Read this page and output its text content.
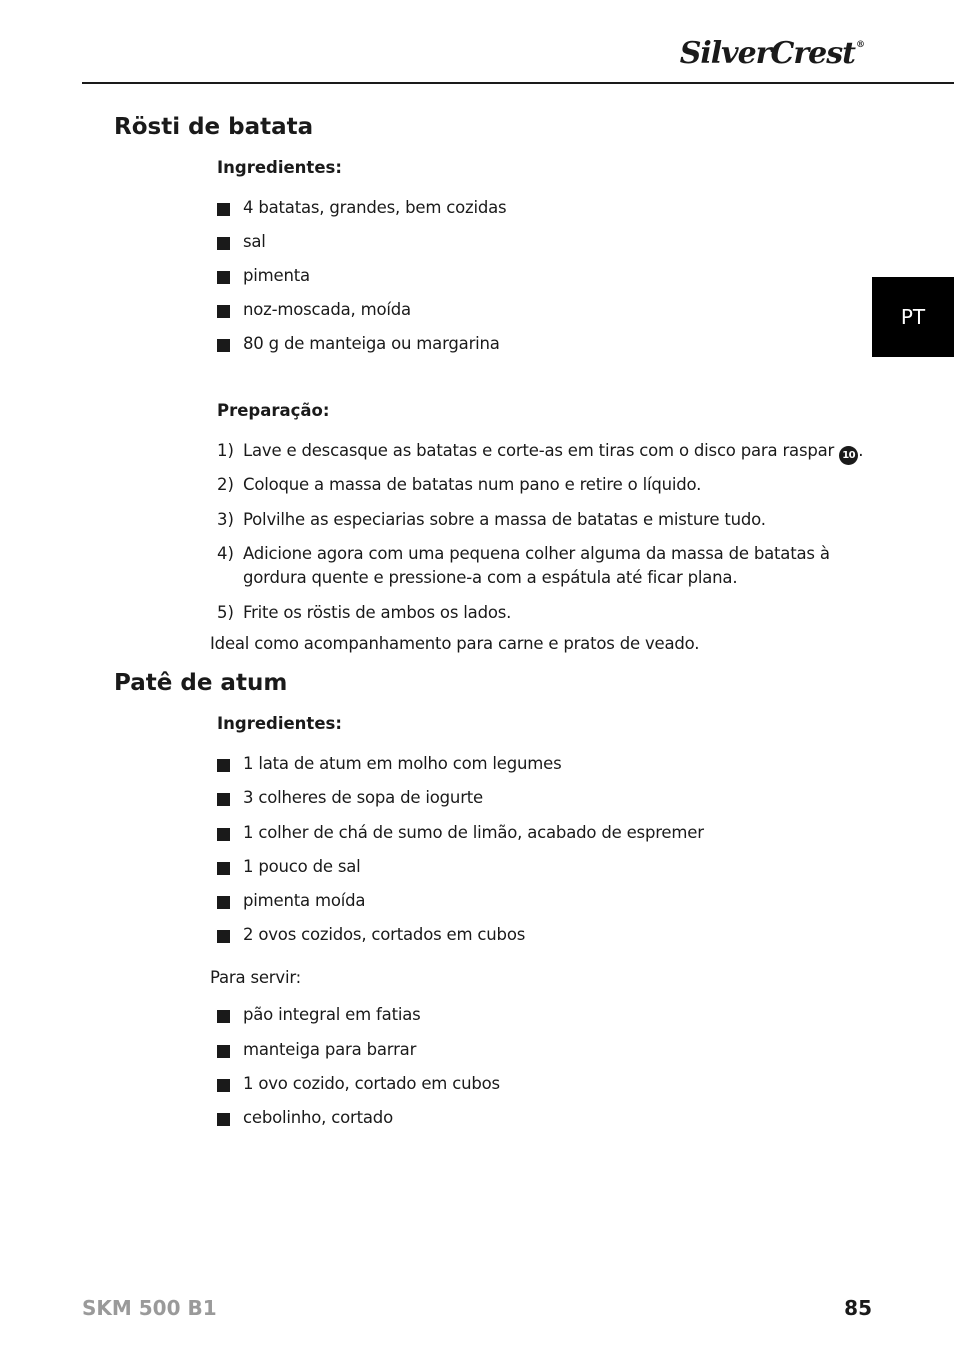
SilverCrest®
PT
Rösti de batata
Ingredientes:
4 batatas, grandes, bem cozidas
sal
pimenta
noz-moscada, moída
80 g de manteiga ou margarina
Preparação:
1) Lave e descasque as batatas e corte-as em tiras com o disco para raspar 10 .
2) Coloque a massa de batatas num pano e retire o líquido.
3) Polvilhe as especiarias sobre a massa de batatas e misture tudo.
4) Adicione agora com uma pequena colher alguma da massa de batatas à
gordura quente e pressione-a com a espátula até ficar plana.
5) Frite os röstis de ambos os lados.
Ideal como acompanhamento para carne e pratos de veado.
Patê de atum
Ingredientes:
1 lata de atum em molho com legumes
3 colheres de sopa de iogurte
1 colher de chá de sumo de limão, acabado de espremer
1 pouco de sal
pimenta moída
2 ovos cozidos, cortados em cubos
Para servir:
pão integral em fatias
manteiga para barrar
1 ovo cozido, cortado em cubos
cebolinho, cortado
SKM 500 B1	85
